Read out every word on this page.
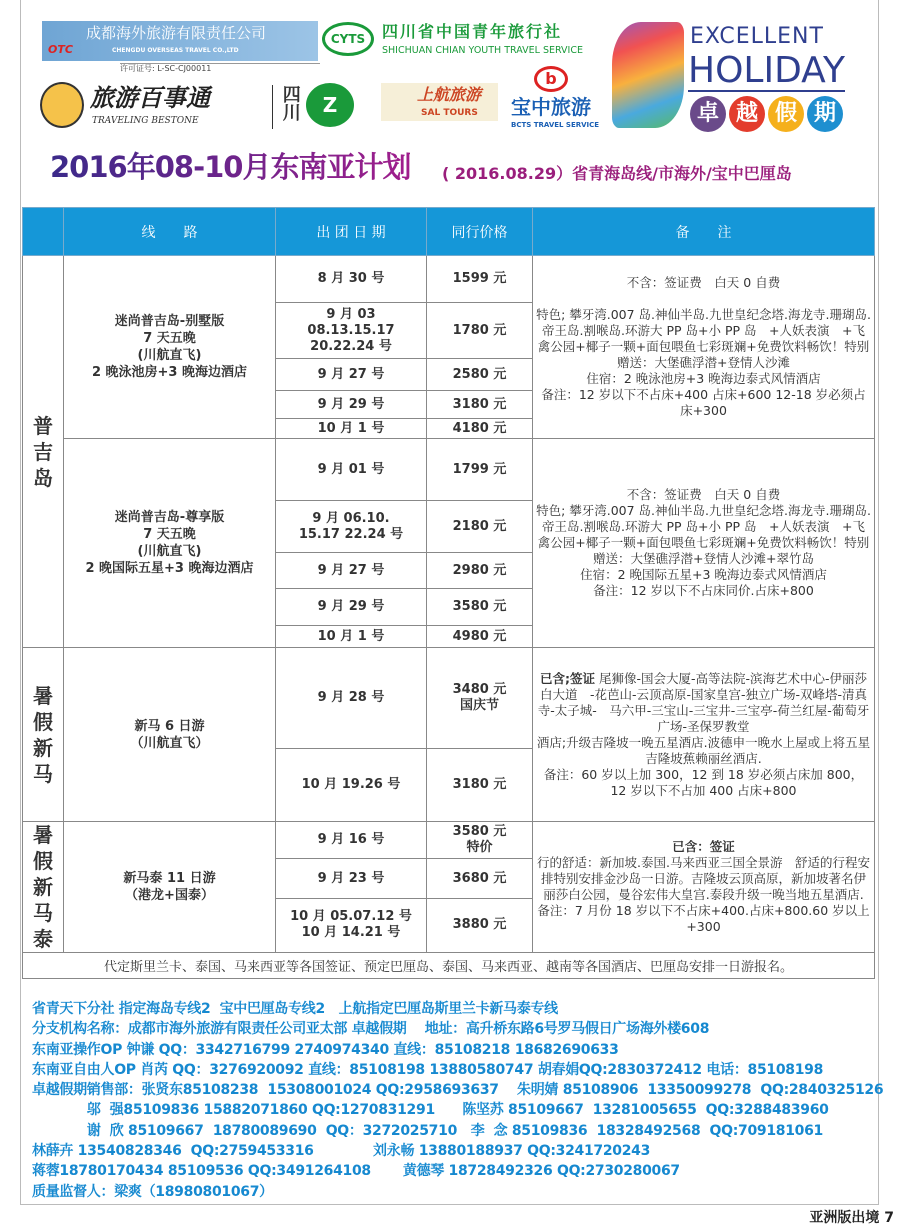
OTC
成都海外旅游有限责任公司
CHENGDU OVERSEAS TRAVEL CO.,LTD
许可证号: L-SC-CJ00011
CYTS	四川省中国青年旅行社
SHICHUAN CHIAN YOUTH TRAVEL SERVICE
旅游百事通
TRAVELING BESTONE	四川	Z	上航旅游
SAL TOURS
b
宝中旅游
BCTS TRAVEL SERVICE
EXCELLENT
HOLIDAY
卓 越 假 期
2016年08-10月东南亚计划 ( 2016.08.29）省青海岛线/市海外/宝中巴厘岛
	线　　路	出 团 日 期	同行价格	备　　注

普吉岛	迷尚普吉岛-别墅版
7 天五晚
(川航直飞)
2 晚泳池房+3 晚海边酒店	8 月 30 号	1599 元	不含：签证费　白天 0 自费

特色; 攀牙湾.007 岛.神仙半岛.九世皇纪念塔.海龙寺.珊瑚岛.帝王岛.割喉岛.环游大 PP 岛+小 PP 岛　+人妖表演　+飞禽公园+椰子一颗+面包喂鱼七彩斑斓+免费饮料畅饮！特别赠送：大堡礁浮潜+登情人沙滩
住宿：2 晚泳池房+3 晚海边泰式风情酒店
备注：12 岁以下不占床+400 占床+600 12-18 岁必须占床+300
		9 月 03
08.13.15.17
20.22.24 号	1780 元	
		9 月 27 号	2580 元	
		9 月 29 号	3180 元	
		10 月 1 号	4180 元	
	迷尚普吉岛-尊享版
7 天五晚
(川航直飞)
2 晚国际五星+3 晚海边酒店	9 月 01 号	1799 元	不含：签证费　白天 0 自费
特色; 攀牙湾.007 岛.神仙半岛.九世皇纪念塔.海龙寺.珊瑚岛.帝王岛.割喉岛.环游大 PP 岛+小 PP 岛　+人妖表演　+飞禽公园+椰子一颗+面包喂鱼七彩斑斓+免费饮料畅饮！特别赠送：大堡礁浮潜+登情人沙滩+翠竹岛
住宿：2 晚国际五星+3 晚海边泰式风情酒店
备注：12 岁以下不占床同价.占床+800
		9 月 06.10.
15.17 22.24 号	2180 元	
		9 月 27 号	2980 元	
		9 月 29 号	3580 元	
		10 月 1 号	4980 元	

暑假新马	新马 6 日游
（川航直飞）	9 月 28 号	3480 元
国庆节	已含;签证 尾狮像-国会大厦-高等法院-滨海艺术中心-伊丽莎白大道　-花芭山-云顶高原-国家皇宫-独立广场-双峰塔-清真寺-太子城-　马六甲-三宝山-三宝井-三宝亭-荷兰红屋-葡萄牙广场-圣保罗教堂
酒店;升级吉隆坡一晚五星酒店.波德申一晚水上屋或上将五星　吉隆坡蕉赖丽丝酒店.
备注：60 岁以上加 300，12 到 18 岁必须占床加 800，12 岁以下不占加 400 占床+800
		10 月 19.26 号	3180 元	

暑假新马泰	新马泰 11 日游
（港龙+国泰）	9 月 16 号	3580 元
特价	已含：签证
行的舒适：新加坡.泰国.马来西亚三国全景游　舒适的行程安排特别安排金沙岛一日游。吉隆坡云顶高原，新加坡著名伊丽莎白公园，曼谷宏伟大皇宫.泰段升级一晚当地五星酒店.
备注：7 月份 18 岁以下不占床+400.占床+800.60 岁以上+300
		9 月 23 号	3680 元	
		10 月 05.07.12 号
10 月 14.21 号	3880 元	
代定斯里兰卡、泰国、马来西亚等各国签证、预定巴厘岛、泰国、马来西亚、越南等各国酒店、巴厘岛安排一日游报名。				
省青天下分社 指定海岛专线2  宝中巴厘岛专线2   上航指定巴厘岛斯里兰卡新马泰专线
分支机构名称：成都市海外旅游有限责任公司亚太部 卓越假期    地址：高升桥东路6号罗马假日广场海外楼608
东南亚操作OP 钟谦 QQ：3342716799 2740974340 直线：85108218 18682690633
东南亚自由人OP 肖芮 QQ：3276920092 直线：85108198 13880580747 胡春娟QQ:2830372412 电话：85108198
卓越假期销售部：张贤东85108238  15308001024 QQ:2958693637    朱明婧 85108906  13350099278  QQ:2840325126
邬  强85109836 15882071860 QQ:1270831291      陈坚苏 85109667  13281005655  QQ:3288483960
谢  欣 85109667  18780089690  QQ：3272025710   李  念 85109836  18328492568  QQ:709181061
林薛卉 13540828346  QQ:2759453316             刘永畅 13880188937 QQ:3241720243
蒋蓉18780170434 85109536 QQ:3491264108       黄德琴 18728492326 QQ:2730280067
质量监督人：梁爽（18980801067）
亚洲版出境 7
